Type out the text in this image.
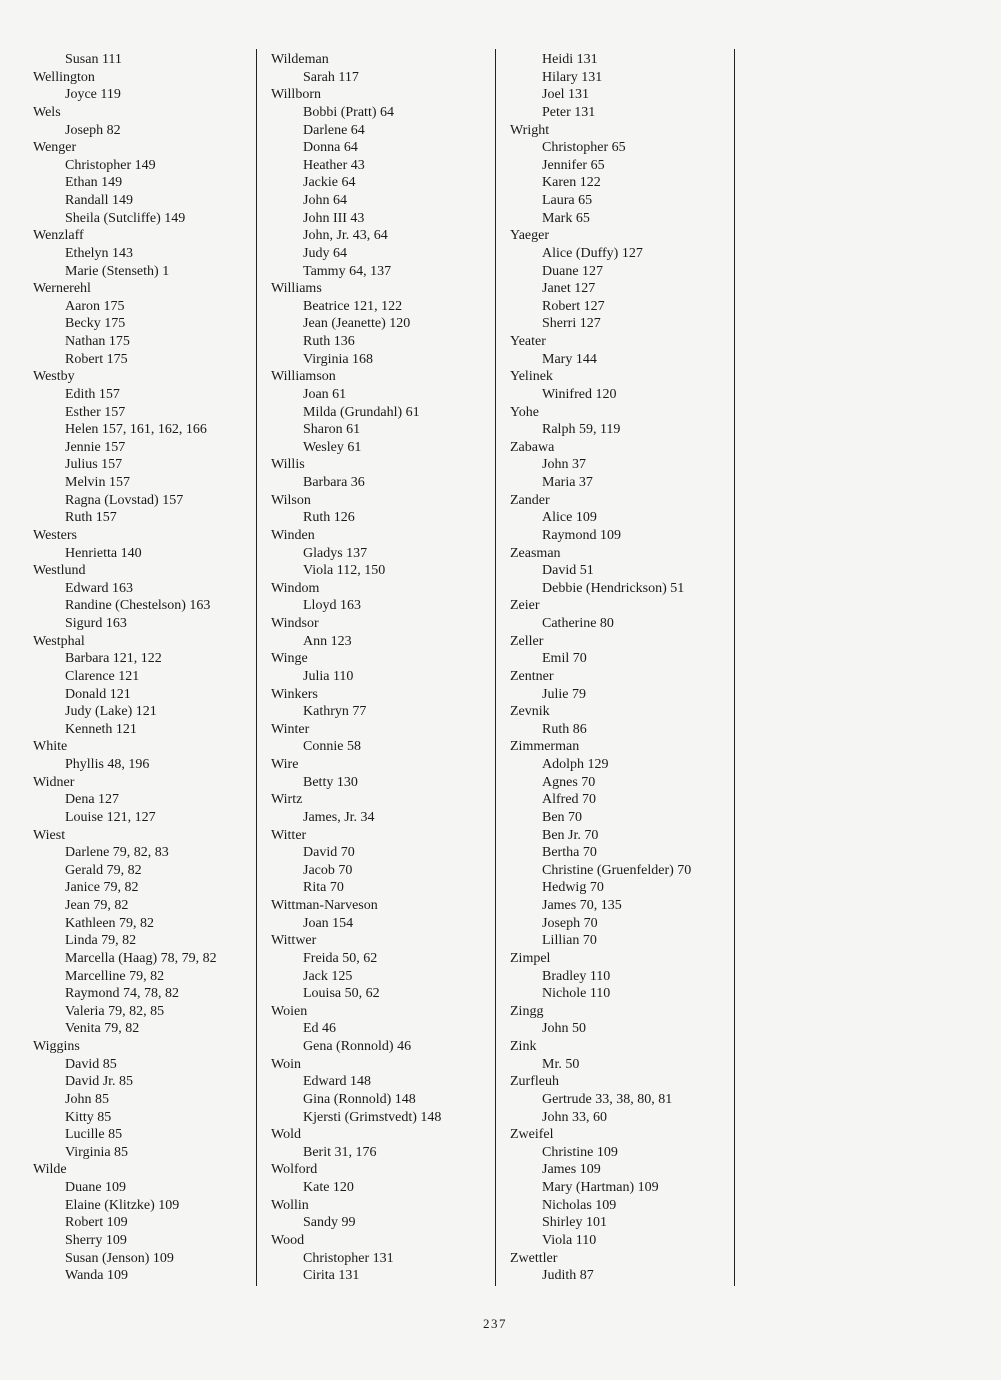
Susan 111
Wellington
Joyce 119
Wels
Joseph 82
Wenger
Christopher 149
Ethan 149
Randall 149
Sheila (Sutcliffe) 149
Wenzlaff
Ethelyn 143
Marie (Stenseth) 1
Wernerehl
Aaron 175
Becky 175
Nathan 175
Robert 175
Westby
Edith 157
Esther 157
Helen 157, 161, 162, 166
Jennie 157
Julius 157
Melvin 157
Ragna (Lovstad) 157
Ruth 157
Westers
Henrietta 140
Westlund
Edward 163
Randine (Chestelson) 163
Sigurd 163
Westphal
Barbara 121, 122
Clarence 121
Donald 121
Judy (Lake) 121
Kenneth 121
White
Phyllis 48, 196
Widner
Dena 127
Louise 121, 127
Wiest
Darlene 79, 82, 83
Gerald 79, 82
Janice 79, 82
Jean 79, 82
Kathleen 79, 82
Linda 79, 82
Marcella (Haag) 78, 79, 82
Marcelline 79, 82
Raymond 74, 78, 82
Valeria 79, 82, 85
Venita 79, 82
Wiggins
David 85
David Jr. 85
John 85
Kitty 85
Lucille 85
Virginia 85
Wilde
Duane 109
Elaine (Klitzke) 109
Robert 109
Sherry 109
Susan (Jenson) 109
Wanda 109
Wildeman
Sarah 117
Willborn
Bobbi (Pratt) 64
Darlene 64
Donna 64
Heather 43
Jackie 64
John 64
John III 43
John, Jr. 43, 64
Judy 64
Tammy 64, 137
Williams
Beatrice 121, 122
Jean (Jeanette) 120
Ruth 136
Virginia 168
Williamson
Joan 61
Milda (Grundahl) 61
Sharon 61
Wesley 61
Willis
Barbara 36
Wilson
Ruth 126
Winden
Gladys 137
Viola 112, 150
Windom
Lloyd 163
Windsor
Ann 123
Winge
Julia 110
Winkers
Kathryn 77
Winter
Connie 58
Wire
Betty 130
Wirtz
James, Jr. 34
Witter
David 70
Jacob 70
Rita 70
Wittman-Narveson
Joan 154
Wittwer
Freida 50, 62
Jack 125
Louisa 50, 62
Woien
Ed 46
Gena (Ronnold) 46
Woin
Edward 148
Gina (Ronnold) 148
Kjersti (Grimstvedt) 148
Wold
Berit 31, 176
Wolford
Kate 120
Wollin
Sandy 99
Wood
Christopher 131
Cirita 131
Heidi 131
Hilary 131
Joel 131
Peter 131
Wright
Christopher 65
Jennifer 65
Karen 122
Laura 65
Mark 65
Yaeger
Alice (Duffy) 127
Duane 127
Janet 127
Robert 127
Sherri 127
Yeater
Mary 144
Yelinek
Winifred 120
Yohe
Ralph 59, 119
Zabawa
John 37
Maria 37
Zander
Alice 109
Raymond 109
Zeasman
David 51
Debbie (Hendrickson) 51
Zeier
Catherine 80
Zeller
Emil 70
Zentner
Julie 79
Zevnik
Ruth 86
Zimmerman
Adolph 129
Agnes 70
Alfred 70
Ben 70
Ben Jr. 70
Bertha 70
Christine (Gruenfelder) 70
Hedwig 70
James 70, 135
Joseph 70
Lillian 70
Zimpel
Bradley 110
Nichole 110
Zingg
John 50
Zink
Mr. 50
Zurfleuh
Gertrude 33, 38, 80, 81
John 33, 60
Zweifel
Christine 109
James 109
Mary (Hartman) 109
Nicholas 109
Shirley 101
Viola 110
Zwettler
Judith 87
237
